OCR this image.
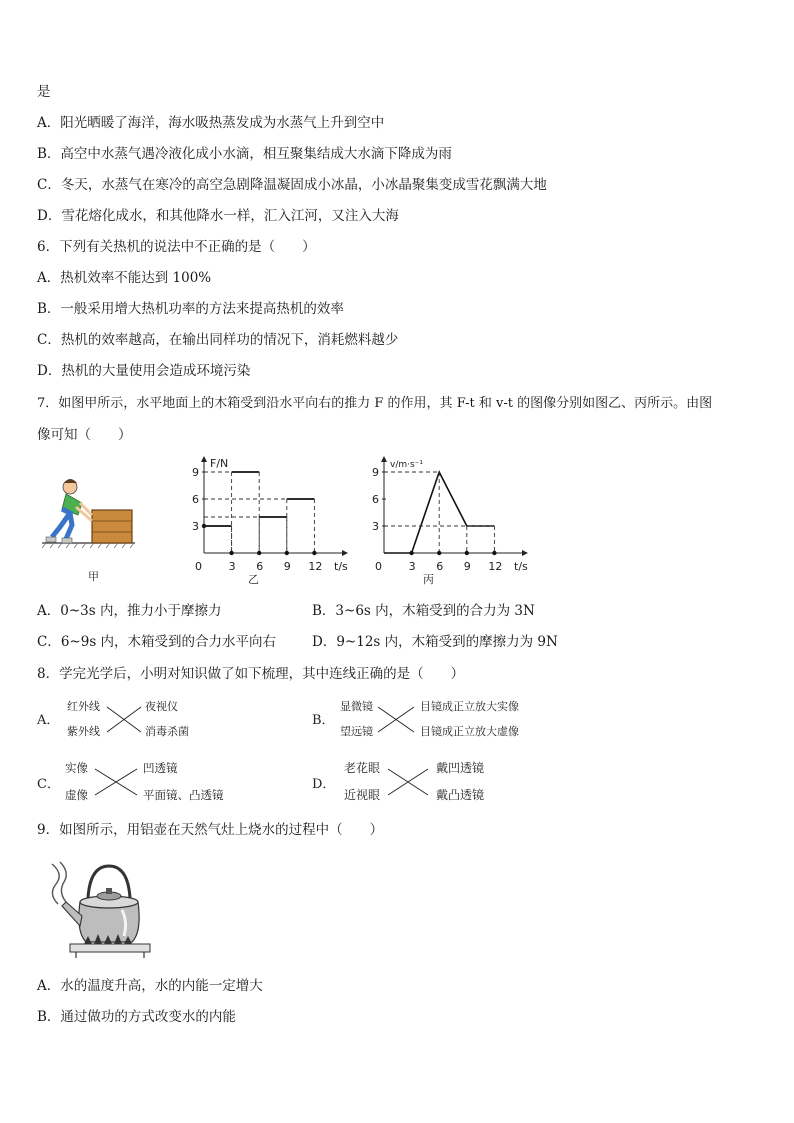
是
A．阳光晒暖了海洋，海水吸热蒸发成为水蒸气上升到空中
B．高空中水蒸气遇冷液化成小水滴，相互聚集结成大水滴下降成为雨
C．冬天，水蒸气在寒冷的高空急剧降温凝固成小冰晶，小冰晶聚集变成雪花飘满大地
D．雪花熔化成水，和其他降水一样，汇入江河，又注入大海
6．下列有关热机的说法中不正确的是（　　）
A．热机效率不能达到 100%
B．一般采用增大热机功率的方法来提高热机的效率
C．热机的效率越高，在输出同样功的情况下，消耗燃料越少
D．热机的大量使用会造成环境污染
7．如图甲所示，水平地面上的木箱受到沿水平向右的推力 F 的作用，其 F-t 和 v-t 的图像分别如图乙、丙所示。由图
像可知（　　）
甲
F/N
t/s
0
乙
3 6 9 12
3
6
9
v/m·s⁻¹
t/s
0
丙
3 6 9 12
3
6
9
A．0~3s 内，推力小于摩擦力	B．3~6s 内，木箱受到的合力为 3N
C．6~9s 内，木箱受到的合力水平向右	D．9~12s 内，木箱受到的摩擦力为 9N
8．学完光学后，小明对知识做了如下梳理，其中连线正确的是（　　）
A．
红外线
紫外线
夜视仪
消毒杀菌
B．
显微镜
望远镜
目镜成正立放大实像
目镜成正立放大虚像
C．
实像
虚像
凹透镜
平面镜、凸透镜
D．
老花眼
近视眼
戴凹透镜
戴凸透镜
9．如图所示，用铝壶在天然气灶上烧水的过程中（　　）
A．水的温度升高，水的内能一定增大
B．通过做功的方式改变水的内能
